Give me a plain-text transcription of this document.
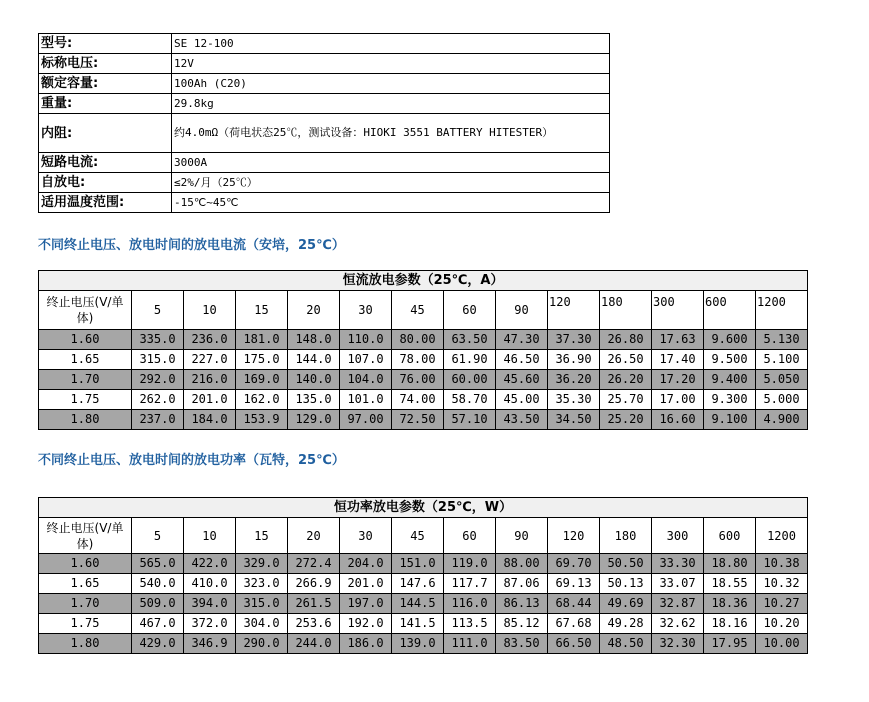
型号:	SE 12-100
标称电压:	12V
额定容量:	100Ah (C20)
重量:	29.8kg
内阻:	约4.0mΩ（荷电状态25℃，测试设备：HIOKI 3551 BATTERY HITESTER）
短路电流:	3000A
自放电:	≤2%/月（25℃）
适用温度范围:	-15℃~45℃
不同终止电压、放电时间的放电电流（安培，25℃）
恒流放电参数（25℃，A）													
终止电压(V/单体)	5	10	15	20	30	45	60	90	120	180	300	600	1200
1.60	335.0	236.0	181.0	148.0	110.0	80.00	63.50	47.30	37.30	26.80	17.63	9.600	5.130
1.65	315.0	227.0	175.0	144.0	107.0	78.00	61.90	46.50	36.90	26.50	17.40	9.500	5.100
1.70	292.0	216.0	169.0	140.0	104.0	76.00	60.00	45.60	36.20	26.20	17.20	9.400	5.050
1.75	262.0	201.0	162.0	135.0	101.0	74.00	58.70	45.00	35.30	25.70	17.00	9.300	5.000
1.80	237.0	184.0	153.9	129.0	97.00	72.50	57.10	43.50	34.50	25.20	16.60	9.100	4.900
不同终止电压、放电时间的放电功率（瓦特，25℃）
恒功率放电参数（25℃，W）													
终止电压(V/单体)	5	10	15	20	30	45	60	90	120	180	300	600	1200
1.60	565.0	422.0	329.0	272.4	204.0	151.0	119.0	88.00	69.70	50.50	33.30	18.80	10.38
1.65	540.0	410.0	323.0	266.9	201.0	147.6	117.7	87.06	69.13	50.13	33.07	18.55	10.32
1.70	509.0	394.0	315.0	261.5	197.0	144.5	116.0	86.13	68.44	49.69	32.87	18.36	10.27
1.75	467.0	372.0	304.0	253.6	192.0	141.5	113.5	85.12	67.68	49.28	32.62	18.16	10.20
1.80	429.0	346.9	290.0	244.0	186.0	139.0	111.0	83.50	66.50	48.50	32.30	17.95	10.00
